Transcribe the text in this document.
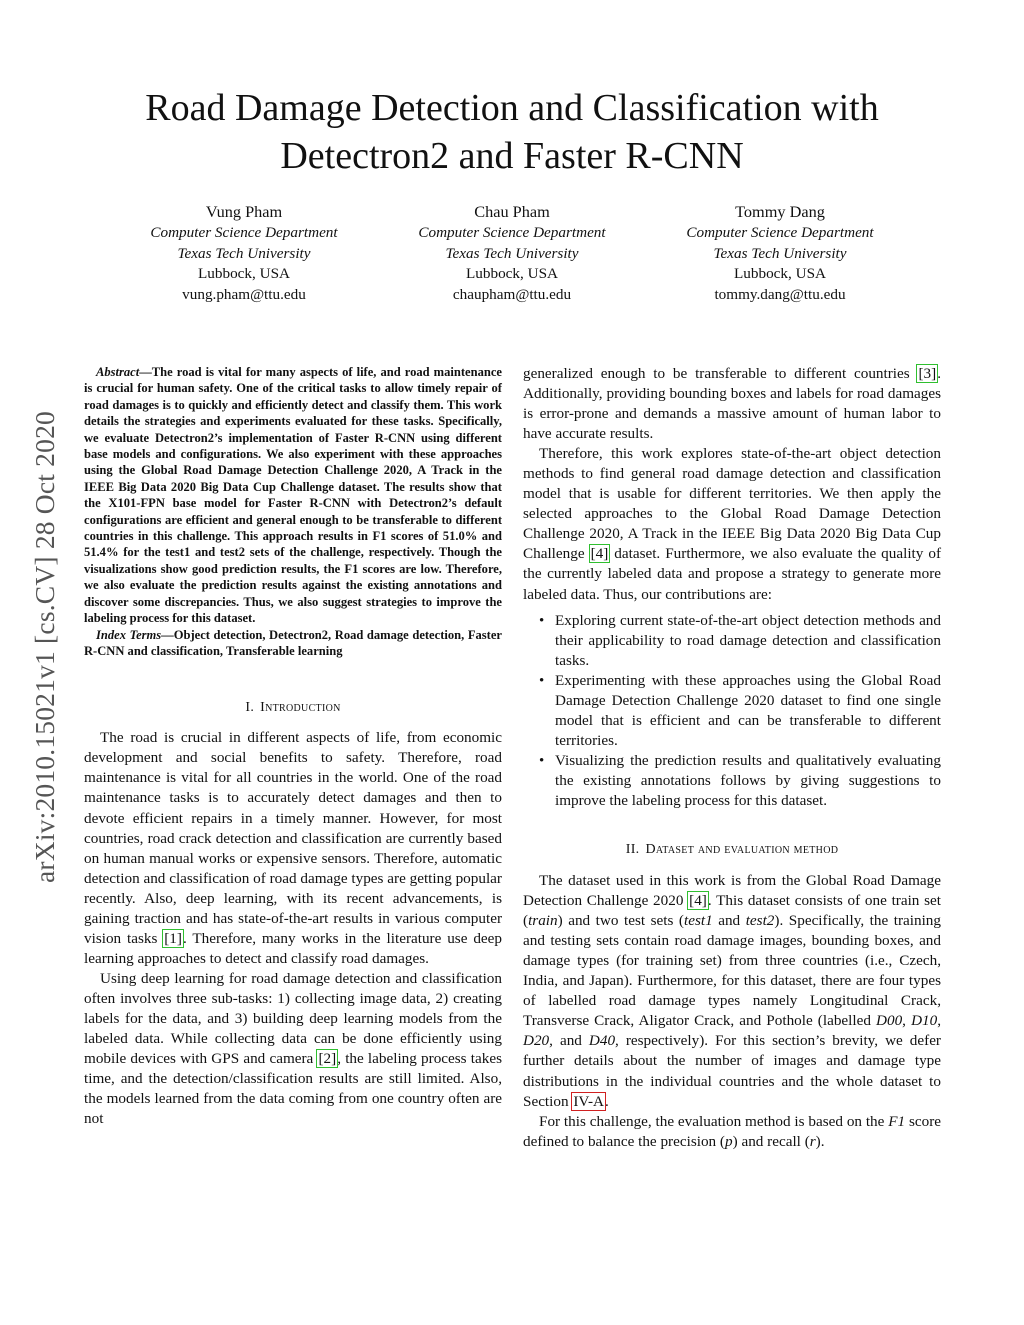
arXiv:2010.15021v1 [cs.CV] 28 Oct 2020
Road Damage Detection and Classification with
Detectron2 and Faster R-CNN
Vung Pham
Computer Science Department
Texas Tech University
Lubbock, USA
vung.pham@ttu.edu
Chau Pham
Computer Science Department
Texas Tech University
Lubbock, USA
chaupham@ttu.edu
Tommy Dang
Computer Science Department
Texas Tech University
Lubbock, USA
tommy.dang@ttu.edu

Abstract—The road is vital for many aspects of life, and road maintenance is crucial for human safety. One of the critical tasks to allow timely repair of road damages is to quickly and efficiently detect and classify them. This work details the strategies and experiments evaluated for these tasks. Specifically, we evaluate Detectron2’s implementation of Faster R-CNN using different base models and configurations. We also experiment with these approaches using the Global Road Damage Detection Challenge 2020, A Track in the IEEE Big Data 2020 Big Data Cup Challenge dataset. The results show that the X101-FPN base model for Faster R-CNN with Detectron2’s default configurations are efficient and general enough to be transferable to different countries in this challenge. This approach results in F1 scores of 51.0% and 51.4% for the test1 and test2 sets of the challenge, respectively. Though the visualizations show good prediction results, the F1 scores are low. Therefore, we also evaluate the prediction results against the existing annotations and discover some discrepancies. Thus, we also suggest strategies to improve the labeling process for this dataset.

Index Terms—Object detection, Detectron2, Road damage detection, Faster R-CNN and classification, Transferable learning

I. Introduction

The road is crucial in different aspects of life, from economic development and social benefits to safety. Therefore, road maintenance is vital for all countries in the world. One of the road maintenance tasks is to accurately detect damages and then to devote efficient repairs in a timely manner. However, for most countries, road crack detection and classification are currently based on human manual works or expensive sensors. Therefore, automatic detection and classification of road damage types are getting popular recently. Also, deep learning, with its recent advancements, is gaining traction and has state-of-the-art results in various computer vision tasks [1]. Therefore, many works in the literature use deep learning approaches to detect and classify road damages.

Using deep learning for road damage detection and classification often involves three sub-tasks: 1) collecting image data, 2) creating labels for the data, and 3) building deep learning models from the labeled data. While collecting data can be done efficiently using mobile devices with GPS and camera [2], the labeling process takes time, and the detection/classification results are still limited. Also, the models learned from the data coming from one country often are not

generalized enough to be transferable to different countries [3]. Additionally, providing bounding boxes and labels for road damages is error-prone and demands a massive amount of human labor to have accurate results.

Therefore, this work explores state-of-the-art object detection methods to find general road damage detection and classification model that is usable for different territories. We then apply the selected approaches to the Global Road Damage Detection Challenge 2020, A Track in the IEEE Big Data 2020 Big Data Cup Challenge [4] dataset. Furthermore, we also evaluate the quality of the currently labeled data and propose a strategy to generate more labeled data. Thus, our contributions are:

• Exploring current state-of-the-art object detection methods and their applicability to road damage detection and classification tasks.
• Experimenting with these approaches using the Global Road Damage Detection Challenge 2020 dataset to find one single model that is efficient and can be transferable to different territories.
• Visualizing the prediction results and qualitatively evaluating the existing annotations follows by giving suggestions to improve the labeling process for this dataset.
II. Dataset and evaluation method

The dataset used in this work is from the Global Road Damage Detection Challenge 2020 [4]. This dataset consists of one train set (train) and two test sets (test1 and test2). Specifically, the training and testing sets contain road damage images, bounding boxes, and damage types (for training set) from three countries (i.e., Czech, India, and Japan). Furthermore, for this dataset, there are four types of labelled road damage types namely Longitudinal Crack, Transverse Crack, Aligator Crack, and Pothole (labelled D00, D10, D20, and D40, respectively). For this section’s brevity, we defer further details about the number of images and damage type distributions in the individual countries and the whole dataset to Section IV-A.

For this challenge, the evaluation method is based on the F1 score defined to balance the precision (p) and recall (r).
